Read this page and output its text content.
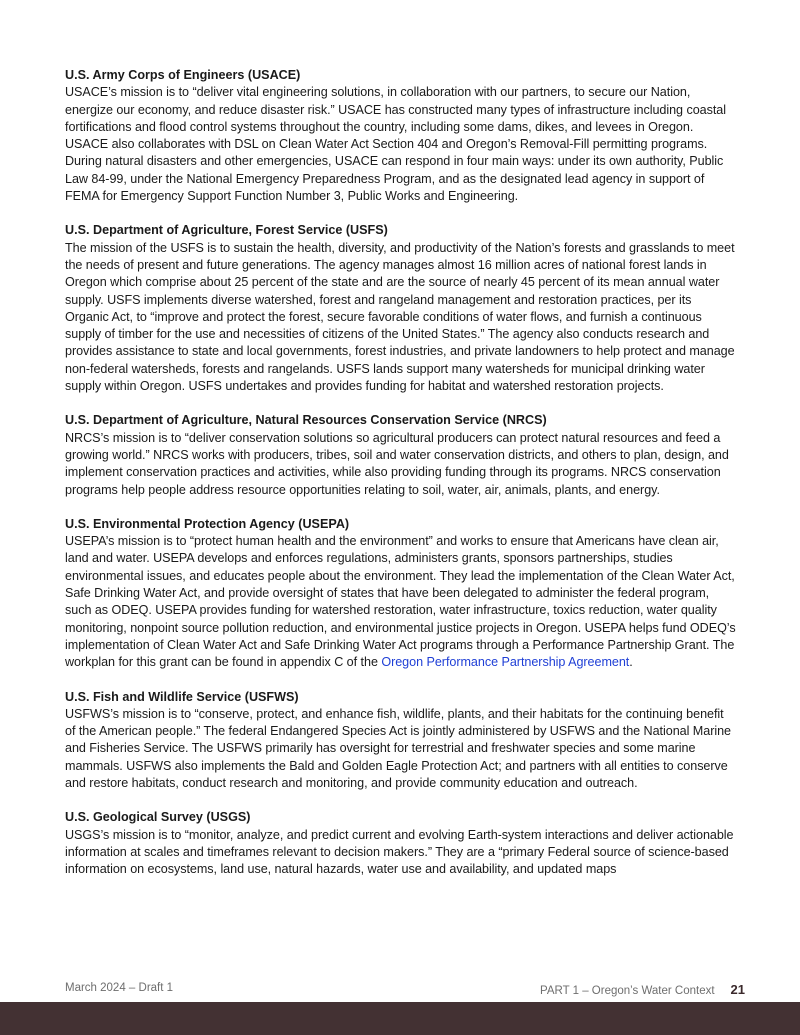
U.S. Army Corps of Engineers (USACE)

USACE’s mission is to “deliver vital engineering solutions, in collaboration with our partners, to secure our Nation, energize our economy, and reduce disaster risk.” USACE has constructed many types of infrastructure including coastal fortifications and flood control systems throughout the country, including some dams, dikes, and levees in Oregon. USACE also collaborates with DSL on Clean Water Act Section 404 and Oregon’s Removal-Fill permitting programs. During natural disasters and other emergencies, USACE can respond in four main ways: under its own authority, Public Law 84-99, under the National Emergency Preparedness Program, and as the designated lead agency in support of FEMA for Emergency Support Function Number 3, Public Works and Engineering.

U.S. Department of Agriculture, Forest Service (USFS)

The mission of the USFS is to sustain the health, diversity, and productivity of the Nation’s forests and grasslands to meet the needs of present and future generations. The agency manages almost 16 million acres of national forest lands in Oregon which comprise about 25 percent of the state and are the source of nearly 45 percent of its mean annual water supply. USFS implements diverse watershed, forest and rangeland management and restoration practices, per its Organic Act, to “improve and protect the forest, secure favorable conditions of water flows, and furnish a continuous supply of timber for the use and necessities of citizens of the United States.” The agency also conducts research and provides assistance to state and local governments, forest industries, and private landowners to help protect and manage non-federal watersheds, forests and rangelands. USFS lands support many watersheds for municipal drinking water supply within Oregon. USFS undertakes and provides funding for habitat and watershed restoration projects.

U.S. Department of Agriculture, Natural Resources Conservation Service (NRCS)

NRCS’s mission is to “deliver conservation solutions so agricultural producers can protect natural resources and feed a growing world.” NRCS works with producers, tribes, soil and water conservation districts, and others to plan, design, and implement conservation practices and activities, while also providing funding through its programs. NRCS conservation programs help people address resource opportunities relating to soil, water, air, animals, plants, and energy.

U.S. Environmental Protection Agency (USEPA)

USEPA’s mission is to “protect human health and the environment” and works to ensure that Americans have clean air, land and water. USEPA develops and enforces regulations, administers grants, sponsors partnerships, studies environmental issues, and educates people about the environment. They lead the implementation of the Clean Water Act, Safe Drinking Water Act, and provide oversight of states that have been delegated to administer the federal program, such as ODEQ. USEPA provides funding for watershed restoration, water infrastructure, toxics reduction, water quality monitoring, nonpoint source pollution reduction, and environmental justice projects in Oregon. USEPA helps fund ODEQ’s implementation of Clean Water Act and Safe Drinking Water Act programs through a Performance Partnership Grant. The workplan for this grant can be found in appendix C of the Oregon Performance Partnership Agreement.

U.S. Fish and Wildlife Service (USFWS)

USFWS’s mission is to “conserve, protect, and enhance fish, wildlife, plants, and their habitats for the continuing benefit of the American people.” The federal Endangered Species Act is jointly administered by USFWS and the National Marine and Fisheries Service. The USFWS primarily has oversight for terrestrial and freshwater species and some marine mammals. USFWS also implements the Bald and Golden Eagle Protection Act; and partners with all entities to conserve and restore habitats, conduct research and monitoring, and provide community education and outreach.

U.S. Geological Survey (USGS)

USGS’s mission is to “monitor, analyze, and predict current and evolving Earth-system interactions and deliver actionable information at scales and timeframes relevant to decision makers.” They are a “primary Federal source of science-based information on ecosystems, land use, natural hazards, water use and availability, and updated maps

March 2024 – Draft 1	PART 1 – Oregon’s Water Context 21
